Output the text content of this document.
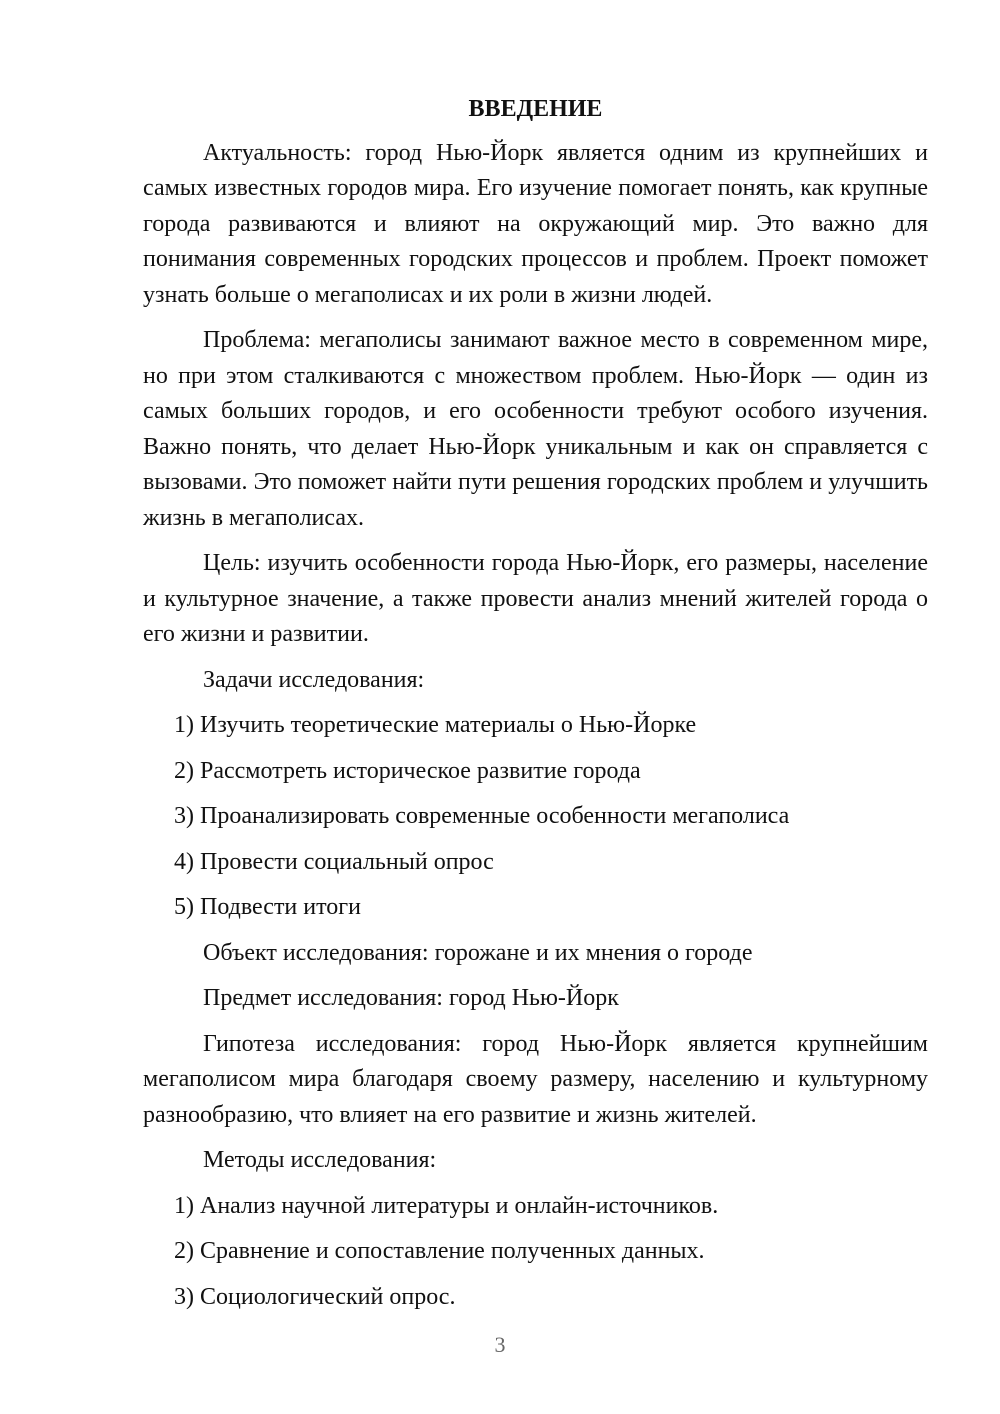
ВВЕДЕНИЕ

Актуальность: город Нью-Йорк является одним из крупнейших и самых известных городов мира. Его изучение помогает понять, как крупные города развиваются и влияют на окружающий мир. Это важно для понимания современных городских процессов и проблем. Проект поможет узнать больше о мегаполисах и их роли в жизни людей.

Проблема: мегаполисы занимают важное место в современном мире, но при этом сталкиваются с множеством проблем. Нью-Йорк — один из самых больших городов, и его особенности требуют особого изучения. Важно понять, что делает Нью-Йорк уникальным и как он справляется с вызовами. Это поможет найти пути решения городских проблем и улучшить жизнь в мегаполисах.

Цель: изучить особенности города Нью-Йорк, его размеры, население и культурное значение, а также провести анализ мнений жителей города о его жизни и развитии.

Задачи исследования:

1) Изучить теоретические материалы о Нью-Йорке

2) Рассмотреть историческое развитие города

3) Проанализировать современные особенности мегаполиса

4) Провести социальный опрос

5) Подвести итоги

Объект исследования: горожане и их мнения о городе

Предмет исследования: город Нью-Йорк

Гипотеза исследования: город Нью-Йорк является крупнейшим мегаполисом мира благодаря своему размеру, населению и культурному разнообразию, что влияет на его развитие и жизнь жителей.

Методы исследования:

1) Анализ научной литературы и онлайн-источников.

2) Сравнение и сопоставление полученных данных.

3) Социологический опрос.

3
